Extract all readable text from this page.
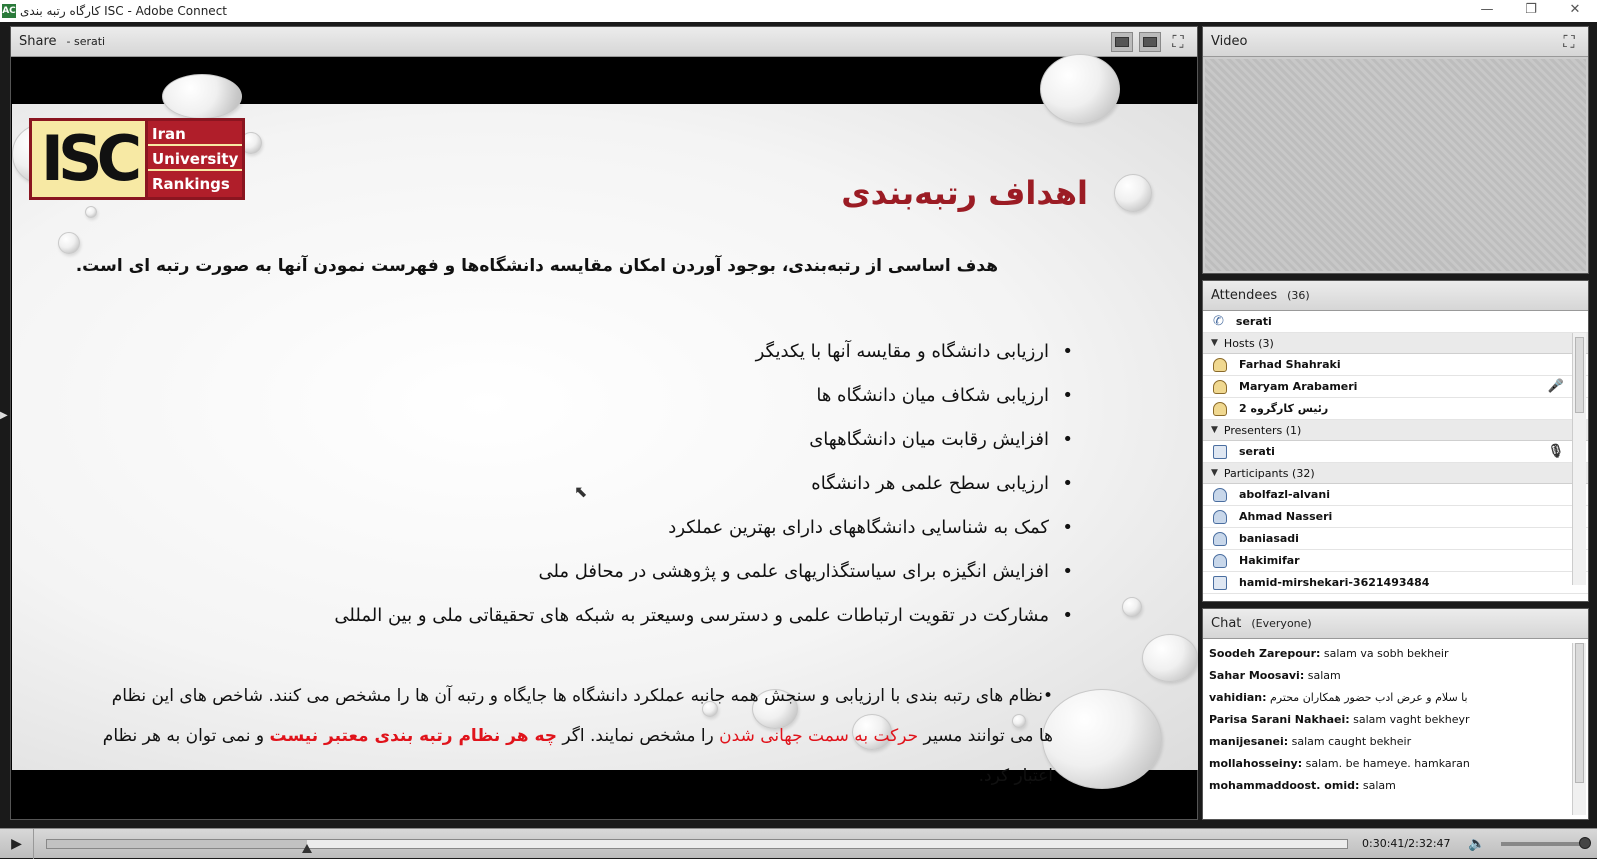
AC کارگاه رتبه بندی ISC - Adobe Connect	—	❐	✕
Share - serati	⛶
ISC	Iran
University
Rankings	اهداف رتبه‌بندی
هدف اساسی از رتبه‌بندی، بوجود آوردن امکان مقایسه دانشگاه‌ها و فهرست نمودن آنها به صورت رتبه ای است.
• ارزیابی دانشگاه و مقایسه آنها با یکدیگر
• ارزیابی شکاف میان دانشگاه ها
• افزایش رقابت میان دانشگاههای
• ارزیابی سطح علمی هر دانشگاه
• کمک به شناسایی دانشگاههای دارای بهترین عملکرد
• افزایش انگیزه برای سیاستگذاریهای علمی و پژوهشی در محافل ملی
• مشارکت در تقویت ارتباطات علمی و دسترسی وسیعتر به شبکه های تحقیقاتی ملی و بین المللی
•نظام های رتبه بندی با ارزیابی و سنجش همه جانبه عملکرد دانشگاه ها جایگاه و رتبه آن ها را مشخص می کنند. شاخص های این نظام ها می توانند مسیر حرکت به سمت جهانی شدن را مشخص نمایند. اگر چه هر نظام رتبه بندی معتبر نیست و نمی توان به هر نظام اعتبار کرد.
⬉
▶
Video	⛶
Attendees (36)
✆ serati
▼ Hosts (3)
Farhad Shahraki
Maryam Arabameri	🎤
رئیس کارگروه 2
▼ Presenters (1)
serati	🎙
▼ Participants (32)
abolfazl-alvani
Ahmad Nasseri
baniasadi
Hakimifar
hamid-mirshekari-3621493484
Chat (Everyone)
Soodeh Zarepour: salam va sobh bekheir
Sahar Moosavi: salam
vahidian: با سلام و عرض ادب حضور همکاران محترم
Parisa Sarani Nakhaei: salam vaght bekheyr
manijesanei: salam caught bekheir
mollahosseiny: salam. be hameye. hamkaran
mohammaddoost. omid: salam
▶	0:30:41/2:32:47	🔈
